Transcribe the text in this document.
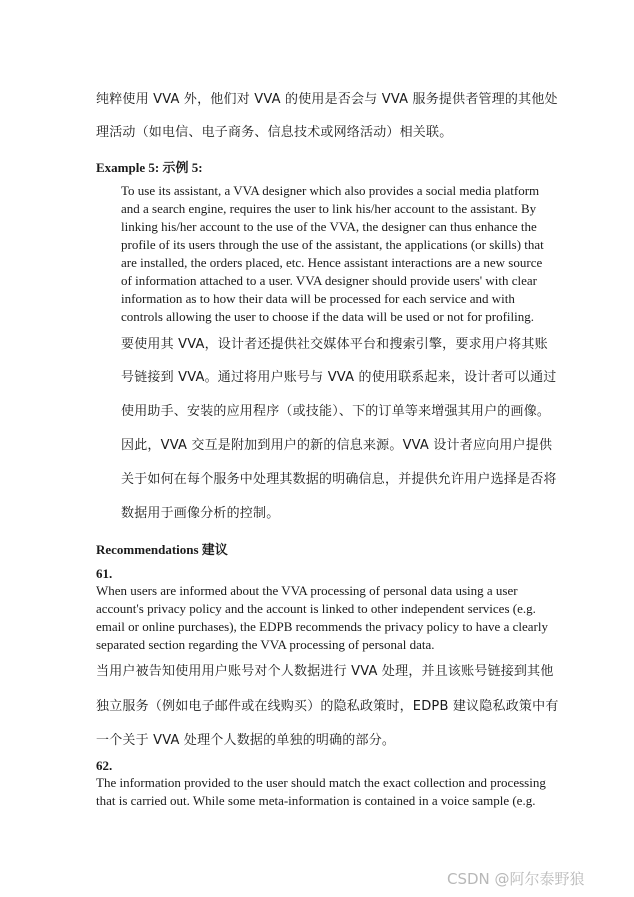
纯粹使用 VVA 外，他们对 VVA 的使用是否会与 VVA 服务提供者管理的其他处
理活动（如电信、电子商务、信息技术或网络活动）相关联。
Example 5: 示例 5:
To use its assistant, a VVA designer which also provides a social media platform
and a search engine, requires the user to link his/her account to the assistant. By
linking his/her account to the use of the VVA, the designer can thus enhance the
profile of its users through the use of the assistant, the applications (or skills) that
are installed, the orders placed, etc. Hence assistant interactions are a new source
of information attached to a user. VVA designer should provide users' with clear
information as to how their data will be processed for each service and with
controls allowing the user to choose if the data will be used or not for profiling.
要使用其 VVA，设计者还提供社交媒体平台和搜索引擎，要求用户将其账
号链接到 VVA。通过将用户账号与 VVA 的使用联系起来，设计者可以通过
使用助手、安装的应用程序（或技能）、下的订单等来增强其用户的画像。
因此，VVA 交互是附加到用户的新的信息来源。VVA 设计者应向用户提供
关于如何在每个服务中处理其数据的明确信息，并提供允许用户选择是否将
数据用于画像分析的控制。
Recommendations 建议
61.
When users are informed about the VVA processing of personal data using a user
account's privacy policy and the account is linked to other independent services (e.g.
email or online purchases), the EDPB recommends the privacy policy to have a clearly
separated section regarding the VVA processing of personal data.
当用户被告知使用用户账号对个人数据进行 VVA 处理，并且该账号链接到其他
独立服务（例如电子邮件或在线购买）的隐私政策时，EDPB 建议隐私政策中有
一个关于 VVA 处理个人数据的单独的明确的部分。
62.
The information provided to the user should match the exact collection and processing
that is carried out. While some meta-information is contained in a voice sample (e.g.
CSDN @阿尔泰野狼
